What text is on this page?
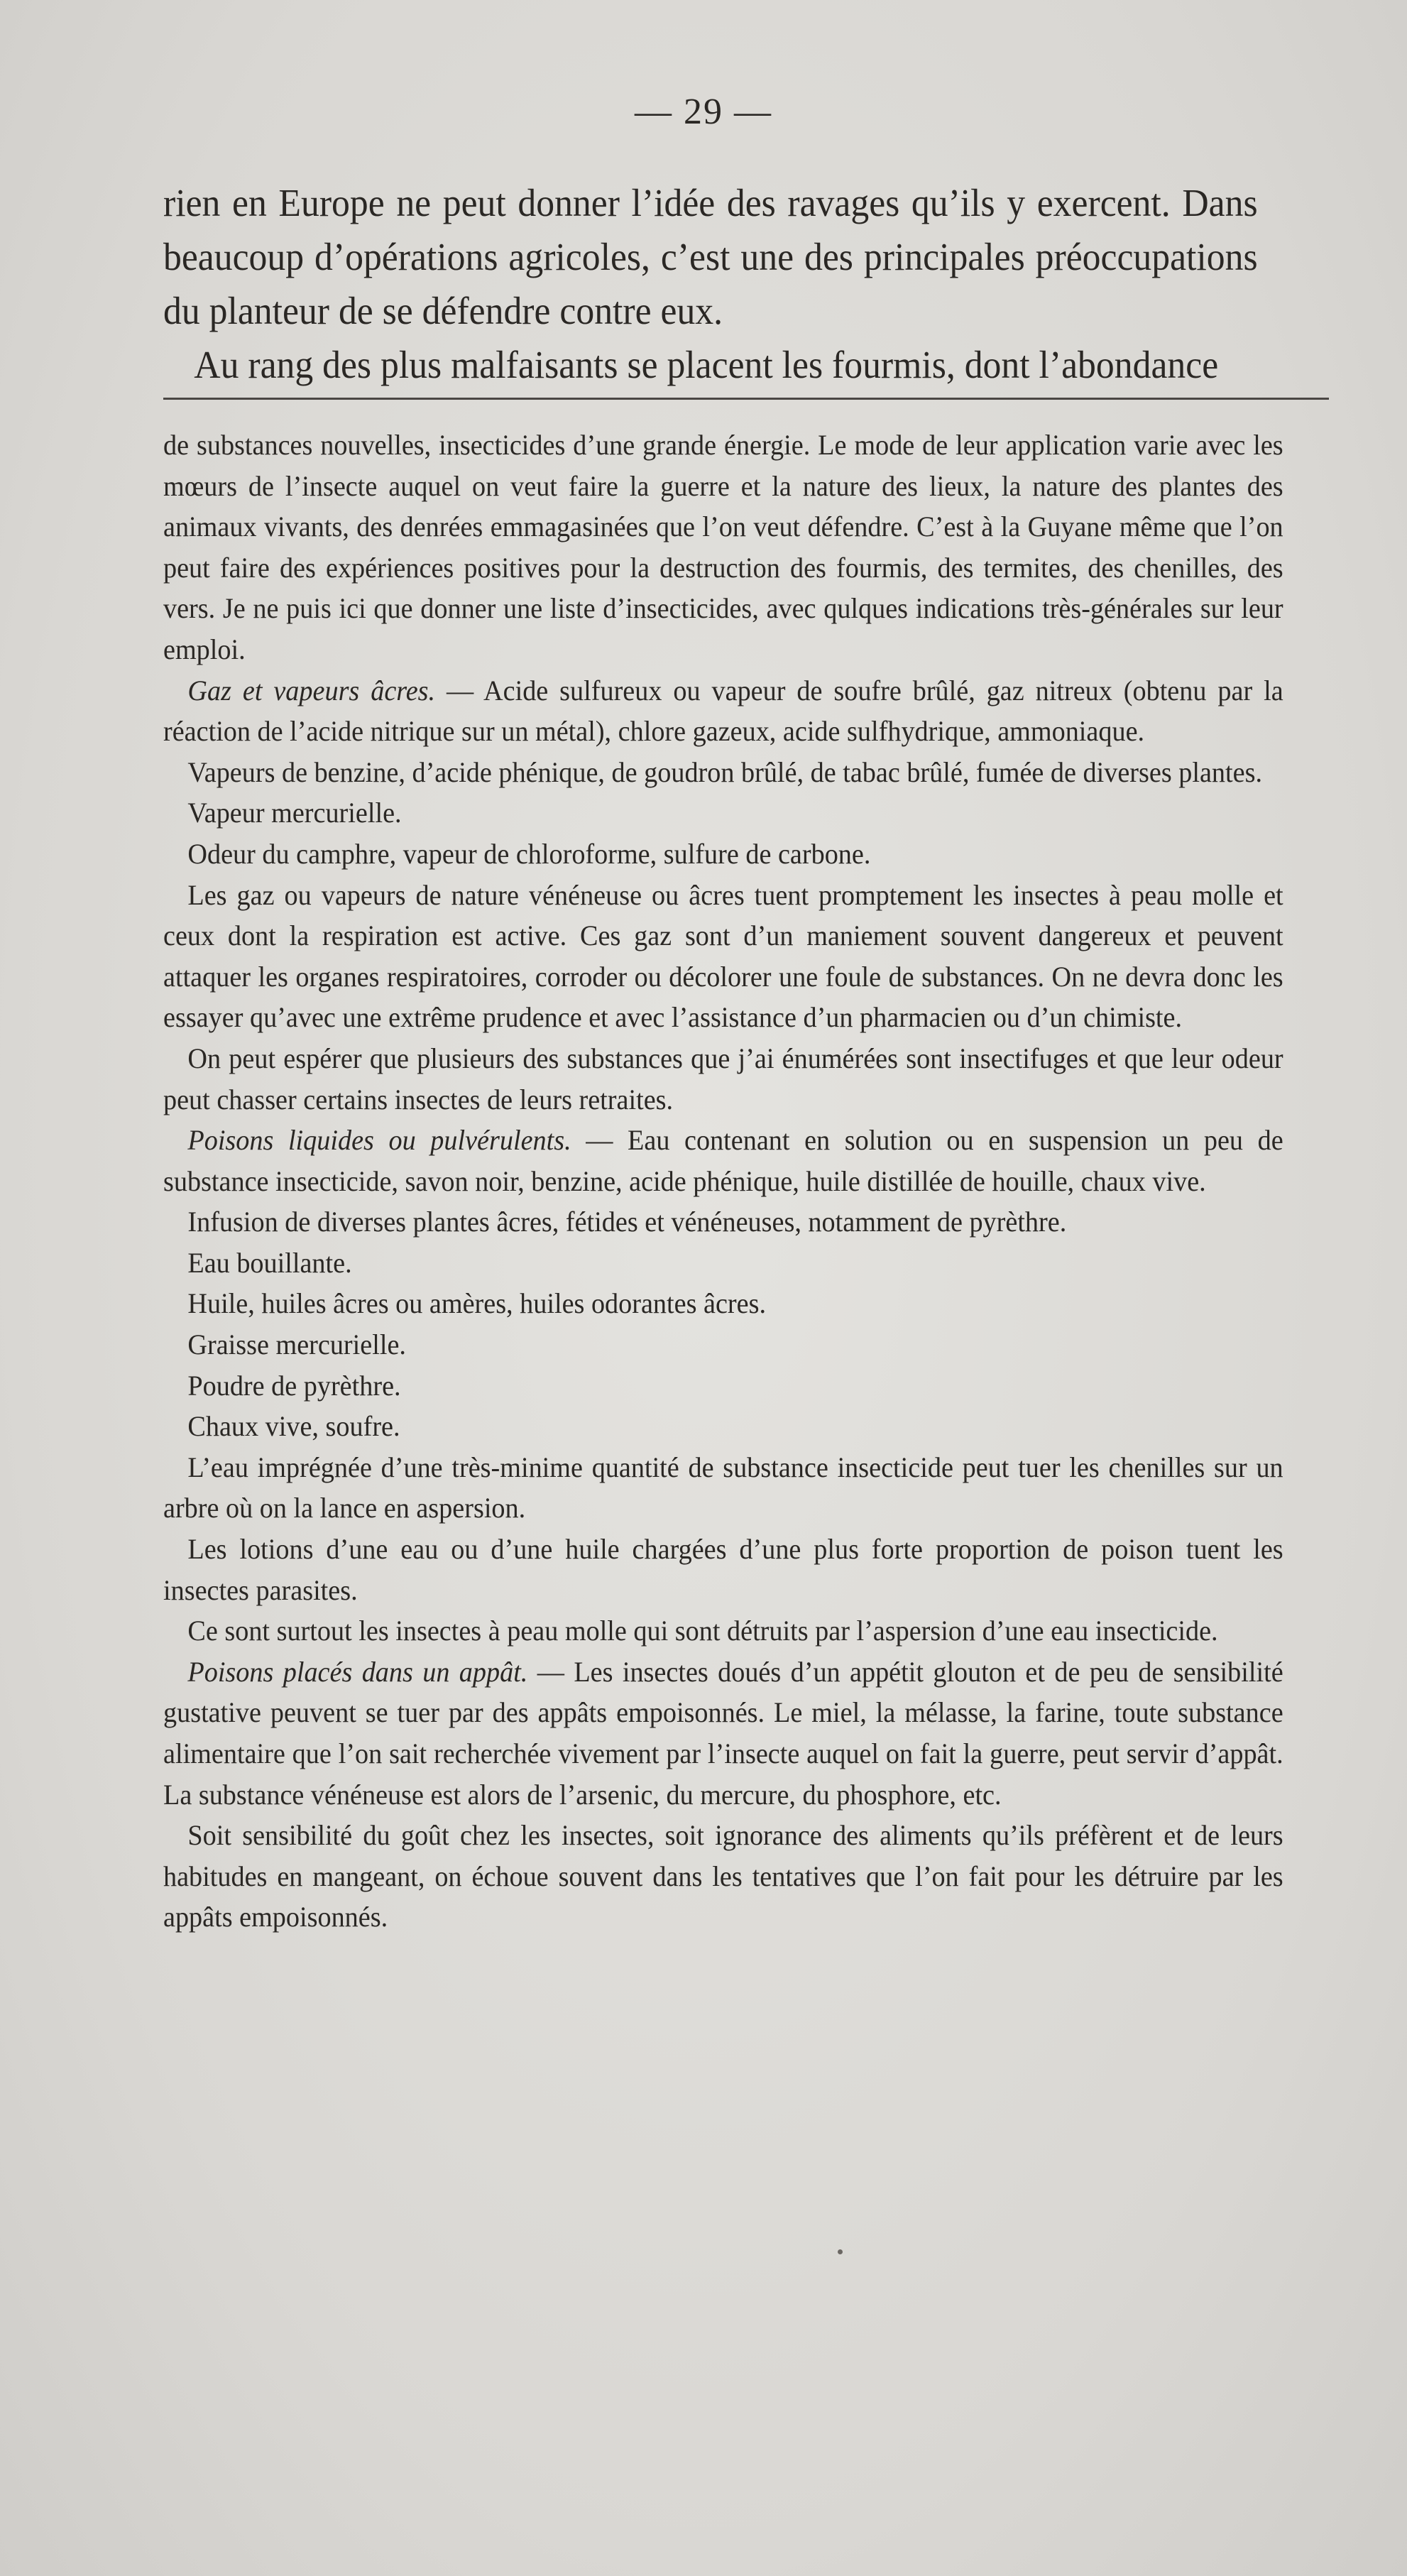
— 29 —

rien en Europe ne peut donner l’idée des ravages qu’ils y exercent. Dans beaucoup d’opérations agricoles, c’est une des principales préoccupations du planteur de se défendre contre eux.

Au rang des plus malfaisants se placent les fourmis, dont l’abondance

de substances nouvelles, insecticides d’une grande énergie. Le mode de leur application varie avec les mœurs de l’insecte auquel on veut faire la guerre et la nature des lieux, la nature des plantes des animaux vivants, des denrées emmagasinées que l’on veut défendre. C’est à la Guyane même que l’on peut faire des expériences positives pour la destruction des fourmis, des termites, des chenilles, des vers. Je ne puis ici que donner une liste d’insecticides, avec qulques indications très-générales sur leur emploi.

Gaz et vapeurs âcres. — Acide sulfureux ou vapeur de soufre brûlé, gaz nitreux (obtenu par la réaction de l’acide nitrique sur un métal), chlore gazeux, acide sulfhydrique, ammoniaque.

Vapeurs de benzine, d’acide phénique, de goudron brûlé, de tabac brûlé, fumée de diverses plantes.

Vapeur mercurielle.

Odeur du camphre, vapeur de chloroforme, sulfure de carbone.

Les gaz ou vapeurs de nature vénéneuse ou âcres tuent promptement les insectes à peau molle et ceux dont la respiration est active. Ces gaz sont d’un maniement souvent dangereux et peuvent attaquer les organes respiratoires, corroder ou décolorer une foule de substances. On ne devra donc les essayer qu’avec une extrême prudence et avec l’assistance d’un pharmacien ou d’un chimiste.

On peut espérer que plusieurs des substances que j’ai énumérées sont insectifuges et que leur odeur peut chasser certains insectes de leurs retraites.

Poisons liquides ou pulvérulents. — Eau contenant en solution ou en suspension un peu de substance insecticide, savon noir, benzine, acide phénique, huile distillée de houille, chaux vive.

Infusion de diverses plantes âcres, fétides et vénéneuses, notamment de pyrèthre.

Eau bouillante.

Huile, huiles âcres ou amères, huiles odorantes âcres.

Graisse mercurielle.

Poudre de pyrèthre.

Chaux vive, soufre.

L’eau imprégnée d’une très-minime quantité de substance insecticide peut tuer les chenilles sur un arbre où on la lance en aspersion.

Les lotions d’une eau ou d’une huile chargées d’une plus forte proportion de poison tuent les insectes parasites.

Ce sont surtout les insectes à peau molle qui sont détruits par l’aspersion d’une eau insecticide.

Poisons placés dans un appât. — Les insectes doués d’un appétit glouton et de peu de sensibilité gustative peuvent se tuer par des appâts empoisonnés. Le miel, la mélasse, la farine, toute substance alimentaire que l’on sait recherchée vivement par l’insecte auquel on fait la guerre, peut servir d’appât. La substance vénéneuse est alors de l’arsenic, du mercure, du phosphore, etc.

Soit sensibilité du goût chez les insectes, soit ignorance des aliments qu’ils préfèrent et de leurs habitudes en mangeant, on échoue souvent dans les tentatives que l’on fait pour les détruire par les appâts empoisonnés.
